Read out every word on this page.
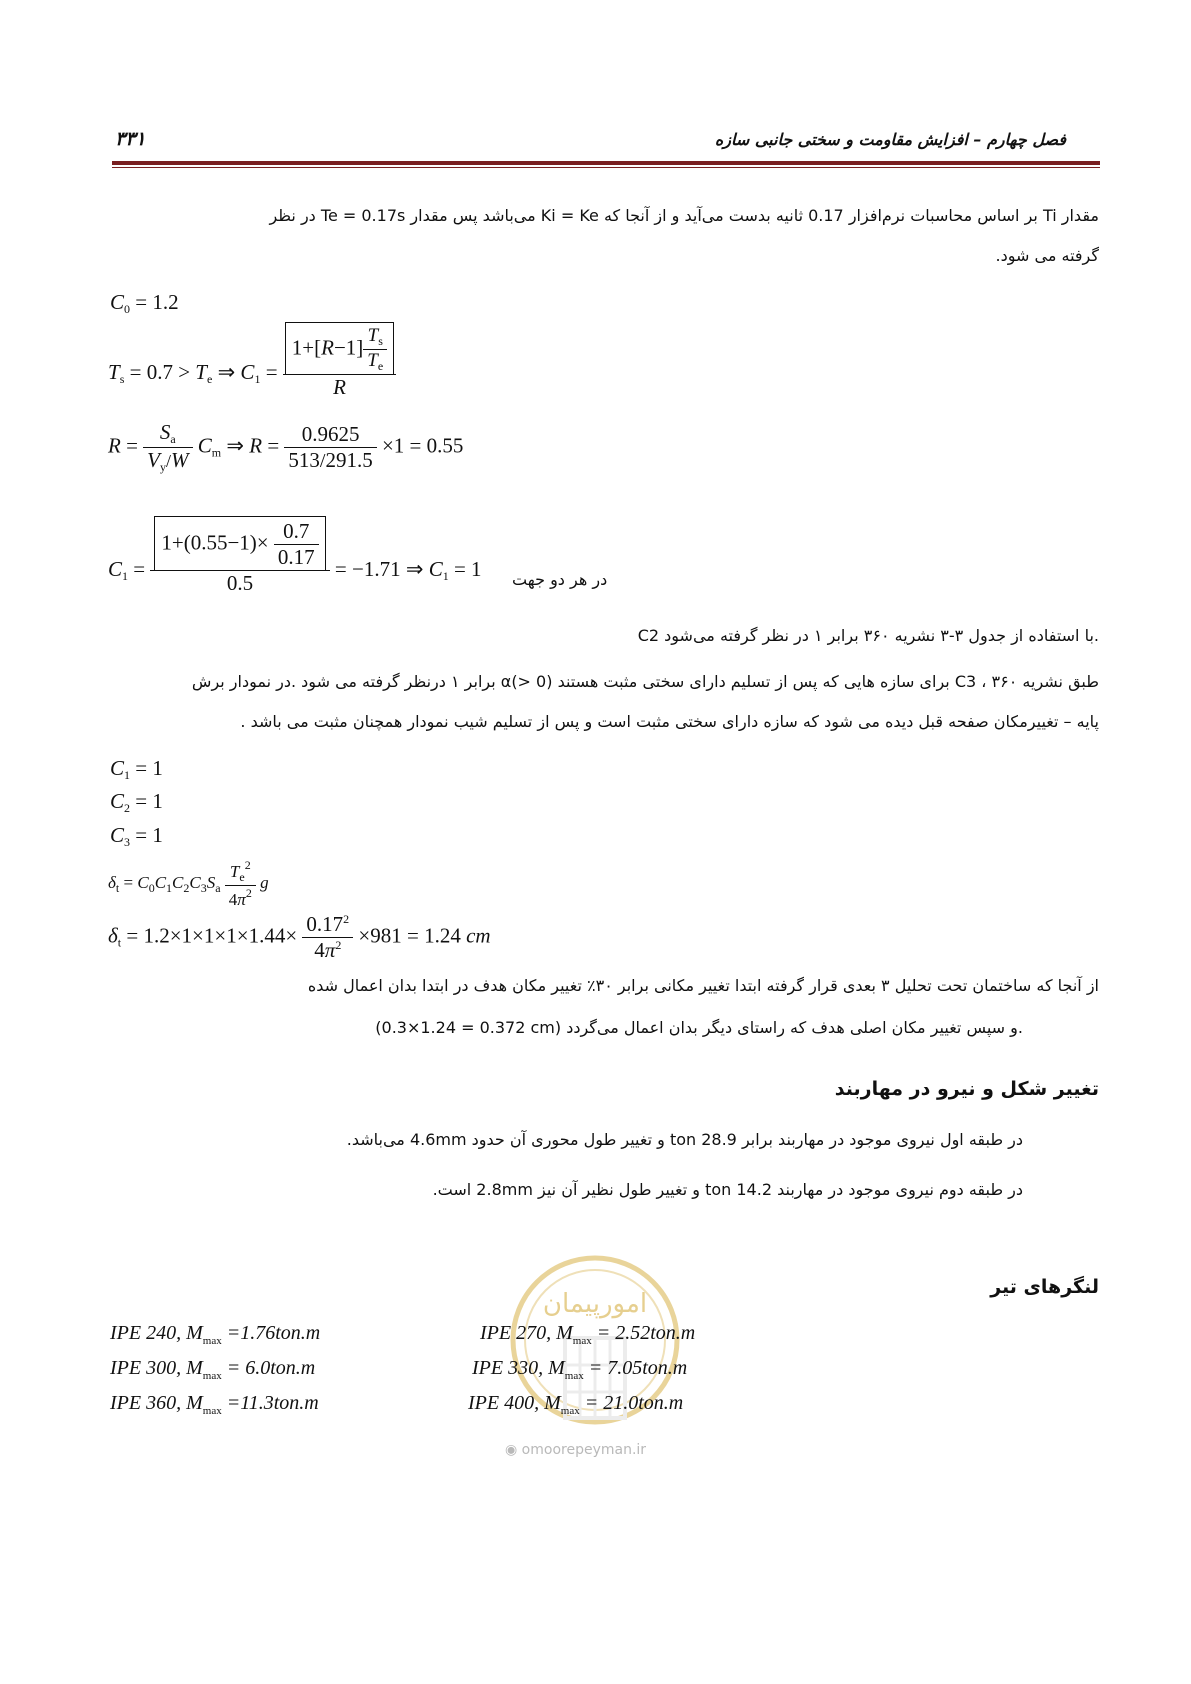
فصل چهارم – افزایش مقاومت و سختی جانبی سازه
۳۳۱
مقدار Ti بر اساس محاسبات نرم‌افزار 0.17 ثانیه بدست می‌آید و از آنجا که Ki = Ke می‌باشد پس مقدار Te = 0.17s در نظر
گرفته می شود.
$C_0 = 1.2$
$T_s = 0.7 > T_e$ ⇒ $C_1 = \frac{1+[R-1] \frac{T_s}{T_e}}{R}$
$R = \frac{S_a}{V_y/W} C_m$ ⇒ $R = \frac{0.9625}{513/291.5} \times 1 = 0.55$
$C_1 = \frac{1+(0.55-1)\times \frac{0.7}{0.17}}{0.5} = -1.71$ ⇒ $C_1 = 1$ در هر دو جهت
C2 با استفاده از جدول ۳-۳ نشریه ۳۶۰ برابر ۱ در نظر گرفته می‌شود.
طبق نشریه ۳۶۰ ، C3 برای سازه هایی که پس از تسلیم دارای سختی مثبت هستند (α(> 0 برابر ۱ درنظر گرفته می شود .در نمودار برش
پایه – تغییرمکان صفحه قبل دیده می شود که سازه دارای سختی مثبت است و پس از تسلیم شیب نمودار همچنان مثبت می باشد .
$C_1 = 1$
$C_2 = 1$
$C_3 = 1$
$\delta_t = C_0C_1C_2C_3S_a \frac{T_e^2}{4\pi^2}$ g
$\delta_t = 1.2\times 1\times 1\times 1\times 1.44\times \frac{0.17^2}{4\pi^2} \times 981 = 1.24$ cm
از آنجا که ساختمان تحت تحلیل ۳ بعدی قرار گرفته ابتدا تغییر مکانی برابر ۳۰٪ تغییر مکان هدف در ابتدا بدان اعمال شده
(0.3×1.24 = 0.372 cm) و سپس تغییر مکان اصلی هدف که راستای دیگر بدان اعمال می‌گردد.
تغییر شکل و نیرو در مهاربند
در طبقه اول نیروی موجود در مهاربند برابر 28.9 ton و تغییر طول محوری آن حدود 4.6mm می‌باشد.
در طبقه دوم نیروی موجود در مهاربند 14.2 ton و تغییر طول نظیر آن نیز 2.8mm است.
امورپیمان
◉ omoorepeyman.ir
لنگرهای تیر
IPE 240, $M_{max} =1.76ton.m$
IPE 300, $M_{max} = 6.0ton.m$
IPE 360, $M_{max} =11.3ton.m$
IPE 270, $M_{max} = 2.52ton.m$
IPE 330, $M_{max} = 7.05ton.m$
IPE 400, $M_{max} = 21.0ton.m$
